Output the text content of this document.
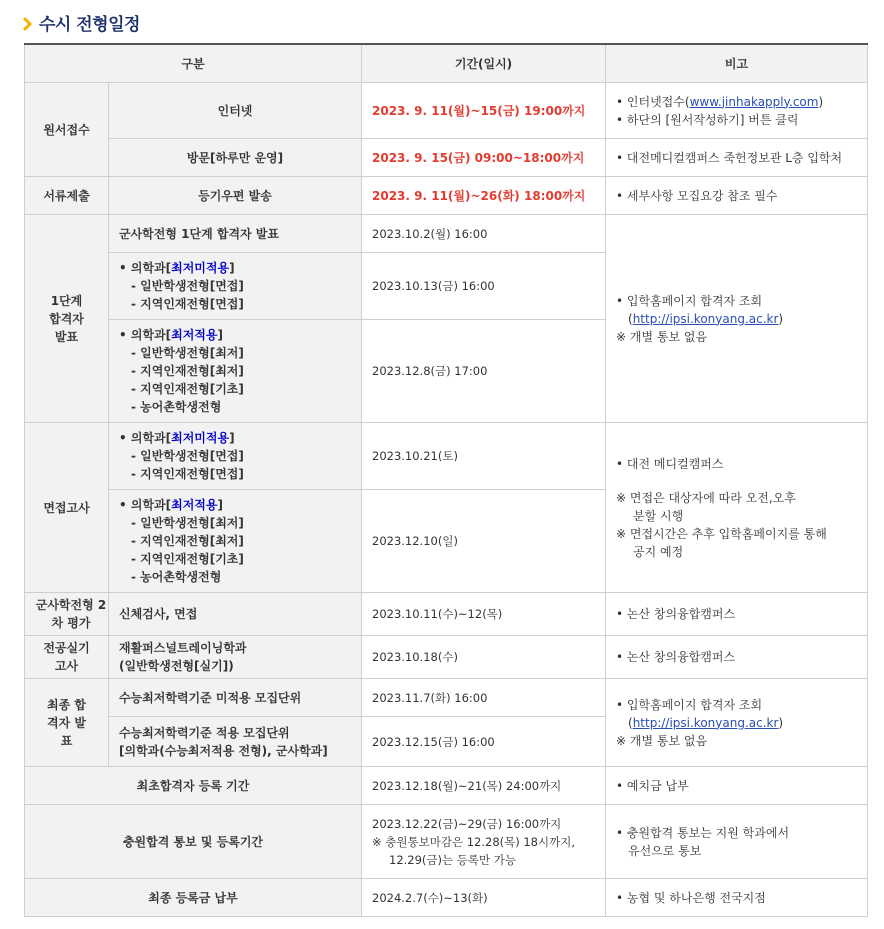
수시 전형일정
구분		기간(일시)	비고
원서접수	인터넷	2023. 9. 11(월)~15(금) 19:00까지	• 인터넷접수(www.jinhakapply.com)
• 하단의 [원서작성하기] 버튼 클릭

	방문[하루만 운영]	2023. 9. 15(금) 09:00~18:00까지	• 대전메디컬캠퍼스 죽헌정보관 L층 입학처
서류제출	등기우편 발송	2023. 9. 11(월)~26(화) 18:00까지	• 세부사항 모집요강 참조 필수
1단계 합격자 발표	군사학전형 1단계 합격자 발표	2023.10.2(월) 16:00	• 입학홈페이지 합격자 조회
(http://ipsi.konyang.ac.kr)
※ 개별 통보 없음

	• 의학과[최저미적용]
- 일반학생전형[면접]
- 지역인재전형[면접]	2023.10.13(금) 16:00	

	• 의학과[최저적용]
- 일반학생전형[최저]
- 지역인재전형[최저]
- 지역인재전형[기초]
- 농어촌학생전형	2023.12.8(금) 17:00	
면접고사	• 의학과[최저미적용]
- 일반학생전형[면접]
- 지역인재전형[면접]	2023.10.21(토)	• 대전 메디컬캠퍼스
※ 면접은 대상자에 따라 오전,오후
분할 시행
※ 면접시간은 추후 입학홈페이지를 통해
공지 예정

	• 의학과[최저적용]
- 일반학생전형[최저]
- 지역인재전형[최저]
- 지역인재전형[기초]
- 농어촌학생전형	2023.12.10(일)	
군사학전형 2차 평가	신체검사, 면접	2023.10.11(수)~12(목)	• 논산 창의융합캠퍼스
전공실기 고사	재활퍼스널트레이닝학과
(일반학생전형[실기])	2023.10.18(수)	• 논산 창의융합캠퍼스
최종 합격자 발표	수능최저학력기준 미적용 모집단위	2023.11.7(화) 16:00	• 입학홈페이지 합격자 조회
(http://ipsi.konyang.ac.kr)
※ 개별 통보 없음

	수능최저학력기준 적용 모집단위
[의학과(수능최저적용 전형), 군사학과]	2023.12.15(금) 16:00	
최초합격자 등록 기간		2023.12.18(월)~21(목) 24:00까지	• 예치금 납부
충원합격 통보 및 등록기간		2023.12.22(금)~29(금) 16:00까지
※ 충원통보마감은 12.28(목) 18시까지,
12.29(금)는 등록만 가능	• 충원합격 통보는 지원 학과에서
유선으로 통보

최종 등록금 납부		2024.2.7(수)~13(화)	• 농협 및 하나은행 전국지점
